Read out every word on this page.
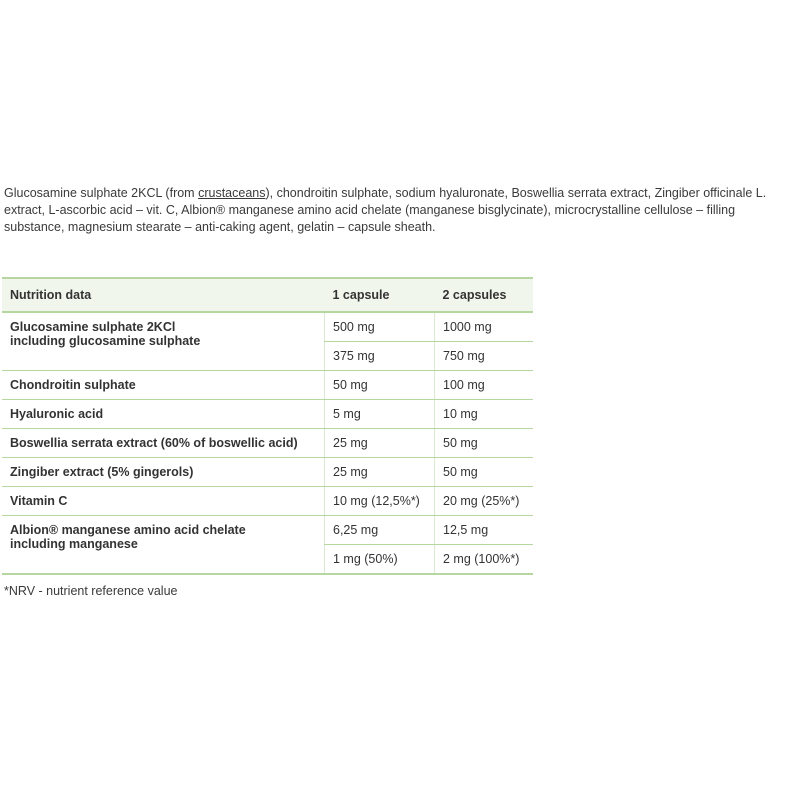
Glucosamine sulphate 2KCL (from crustaceans), chondroitin sulphate, sodium hyaluronate, Boswellia serrata extract, Zingiber officinale L. extract, L-ascorbic acid – vit. C, Albion® manganese amino acid chelate (manganese bisglycinate), microcrystalline cellulose – filling substance, magnesium stearate – anti-caking agent, gelatin – capsule sheath.

Nutrition data	1 capsule	2 capsules
Glucosamine sulphate 2KCl
including glucosamine sulphate	500 mg	1000 mg
	375 mg	750 mg
Chondroitin sulphate	50 mg	100 mg
Hyaluronic acid	5 mg	10 mg
Boswellia serrata extract (60% of boswellic acid)	25 mg	50 mg
Zingiber extract (5% gingerols)	25 mg	50 mg
Vitamin C	10 mg (12,5%*)	20 mg (25%*)
Albion® manganese amino acid chelate
including manganese	6,25 mg	12,5 mg
	1 mg (50%)	2 mg (100%*)

*NRV - nutrient reference value
